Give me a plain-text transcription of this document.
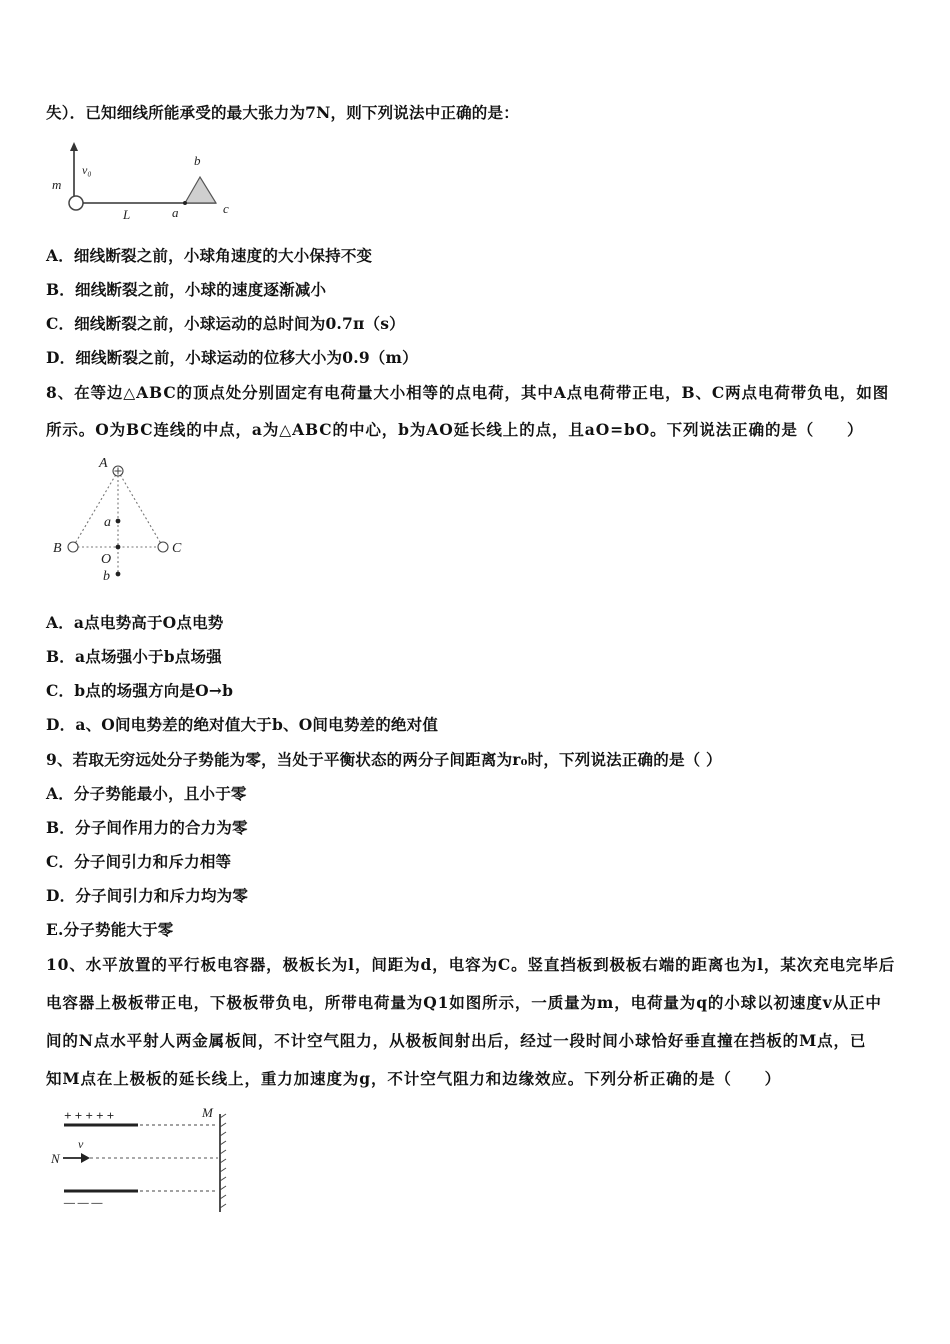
失）．已知细线所能承受的最大张力为7N，则下列说法中正确的是：
m
v₀
L	a
b
c
A．细线断裂之前，小球角速度的大小保持不变
B．细线断裂之前，小球的速度逐渐减小
C．细线断裂之前，小球运动的总时间为0.7π（s）
D．细线断裂之前，小球运动的位移大小为0.9（m）
8、在等边△ABC的顶点处分别固定有电荷量大小相等的点电荷，其中A点电荷带正电，B、C两点电荷带负电，如图
所示。O为BC连线的中点，a为△ABC的中心，b为AO延长线上的点，且aO=bO。下列说法正确的是（　　）
A
a
B
O
C
b
A．a点电势高于O点电势
B．a点场强小于b点场强
C．b点的场强方向是O→b
D．a、O间电势差的绝对值大于b、O间电势差的绝对值
9、若取无穷远处分子势能为零，当处于平衡状态的两分子间距离为r₀时，下列说法正确的是（ ）
A．分子势能最小，且小于零
B．分子间作用力的合力为零
C．分子间引力和斥力相等
D．分子间引力和斥力均为零
E.分子势能大于零
10、水平放置的平行板电容器，极板长为l，间距为d，电容为C。竖直挡板到极板右端的距离也为l，某次充电完毕后
电容器上极板带正电，下极板带负电，所带电荷量为Q1如图所示，一质量为m，电荷量为q的小球以初速度v从正中
间的N点水平射人两金属板间，不计空气阻力，从极板间射出后，经过一段时间小球恰好垂直撞在挡板的M点，已
知M点在上极板的延长线上，重力加速度为g，不计空气阻力和边缘效应。下列分析正确的是（　　）
+ + + + +	M
v
N
— — —
